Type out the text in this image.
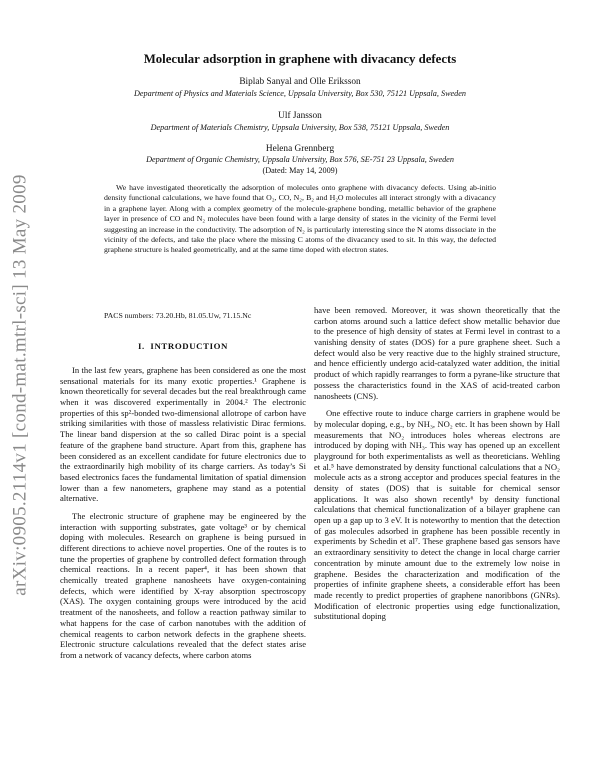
arXiv:0905.2114v1 [cond-mat.mtrl-sci] 13 May 2009
Molecular adsorption in graphene with divacancy defects

Biplab Sanyal and Olle Eriksson

Department of Physics and Materials Science, Uppsala University, Box 530, 75121 Uppsala, Sweden

Ulf Jansson

Department of Materials Chemistry, Uppsala University, Box 538, 75121 Uppsala, Sweden

Helena Grennberg

Department of Organic Chemistry, Uppsala University, Box 576, SE-751 23 Uppsala, Sweden

(Dated: May 14, 2009)

We have investigated theoretically the adsorption of molecules onto graphene with divacancy defects. Using ab-initio density functional calculations, we have found that O₂, CO, N₂, B₂ and H₂O molecules all interact strongly with a divacancy in a graphene layer. Along with a complex geometry of the molecule-graphene bonding, metallic behavior of the graphene layer in presence of CO and N₂ molecules have been found with a large density of states in the vicinity of the Fermi level suggesting an increase in the conductivity. The adsorption of N₂ is particularly interesting since the N atoms dissociate in the vicinity of the defects, and take the place where the missing C atoms of the divacancy used to sit. In this way, the defected graphene structure is healed geometrically, and at the same time doped with electron states.

PACS numbers: 73.20.Hb, 81.05.Uw, 71.15.Nc

I. INTRODUCTION

In the last few years, graphene has been considered as one the most sensational materials for its many exotic properties.¹ Graphene is known theoretically for several decades but the real breakthrough came when it was discovered experimentally in 2004.² The electronic properties of this sp²-bonded two-dimensional allotrope of carbon have striking similarities with those of massless relativistic Dirac fermions. The linear band dispersion at the so called Dirac point is a special feature of the graphene band structure. Apart from this, graphene has been considered as an excellent candidate for future electronics due to the extraordinarily high mobility of its charge carriers. As today’s Si based electronics faces the fundamental limitation of spatial dimension lower than a few nanometers, graphene may stand as a potential alternative.

The electronic structure of graphene may be engineered by the interaction with supporting substrates, gate voltage³ or by chemical doping with molecules. Research on graphene is being pursued in different directions to achieve novel properties. One of the routes is to tune the properties of graphene by controlled defect formation through chemical reactions. In a recent paper⁴, it has been shown that chemically treated graphene nanosheets have oxygen-containing defects, which were identified by X-ray absorption spectroscopy (XAS). The oxygen containing groups were introduced by the acid treatment of the nanosheets, and follow a reaction pathway similar to what happens for the case of carbon nanotubes with the addition of chemical reagents to carbon network defects in the graphene sheets. Electronic structure calculations revealed that the defect states arise from a network of vacancy defects, where carbon atoms

have been removed. Moreover, it was shown theoretically that the carbon atoms around such a lattice defect show metallic behavior due to the presence of high density of states at Fermi level in contrast to a vanishing density of states (DOS) for a pure graphene sheet. Such a defect would also be very reactive due to the highly strained structure, and hence efficiently undergo acid-catalyzed water addition, the initial product of which rapidly rearranges to form a pyrane-like structure that possess the characteristics found in the XAS of acid-treated carbon nanosheets (CNS).

One effective route to induce charge carriers in graphene would be by molecular doping, e.g., by NH₃, NO₂ etc. It has been shown by Hall measurements that NO₂ introduces holes whereas electrons are introduced by doping with NH₃. This way has opened up an excellent playground for both experimentalists as well as theoreticians. Wehling et al.⁵ have demonstrated by density functional calculations that a NO₂ molecule acts as a strong acceptor and produces special features in the density of states (DOS) that is suitable for chemical sensor applications. It was also shown recently⁶ by density functional calculations that chemical functionalization of a bilayer graphene can open up a gap up to 3 eV. It is noteworthy to mention that the detection of gas molecules adsorbed in graphene has been possible recently in experiments by Schedin et al⁷. These graphene based gas sensors have an extraordinary sensitivity to detect the change in local charge carrier concentration by minute amount due to the extremely low noise in graphene. Besides the characterization and modification of the properties of infinite graphene sheets, a considerable effort has been made recently to predict properties of graphene nanoribbons (GNRs). Modification of electronic properties using edge functionalization, substitutional doping
